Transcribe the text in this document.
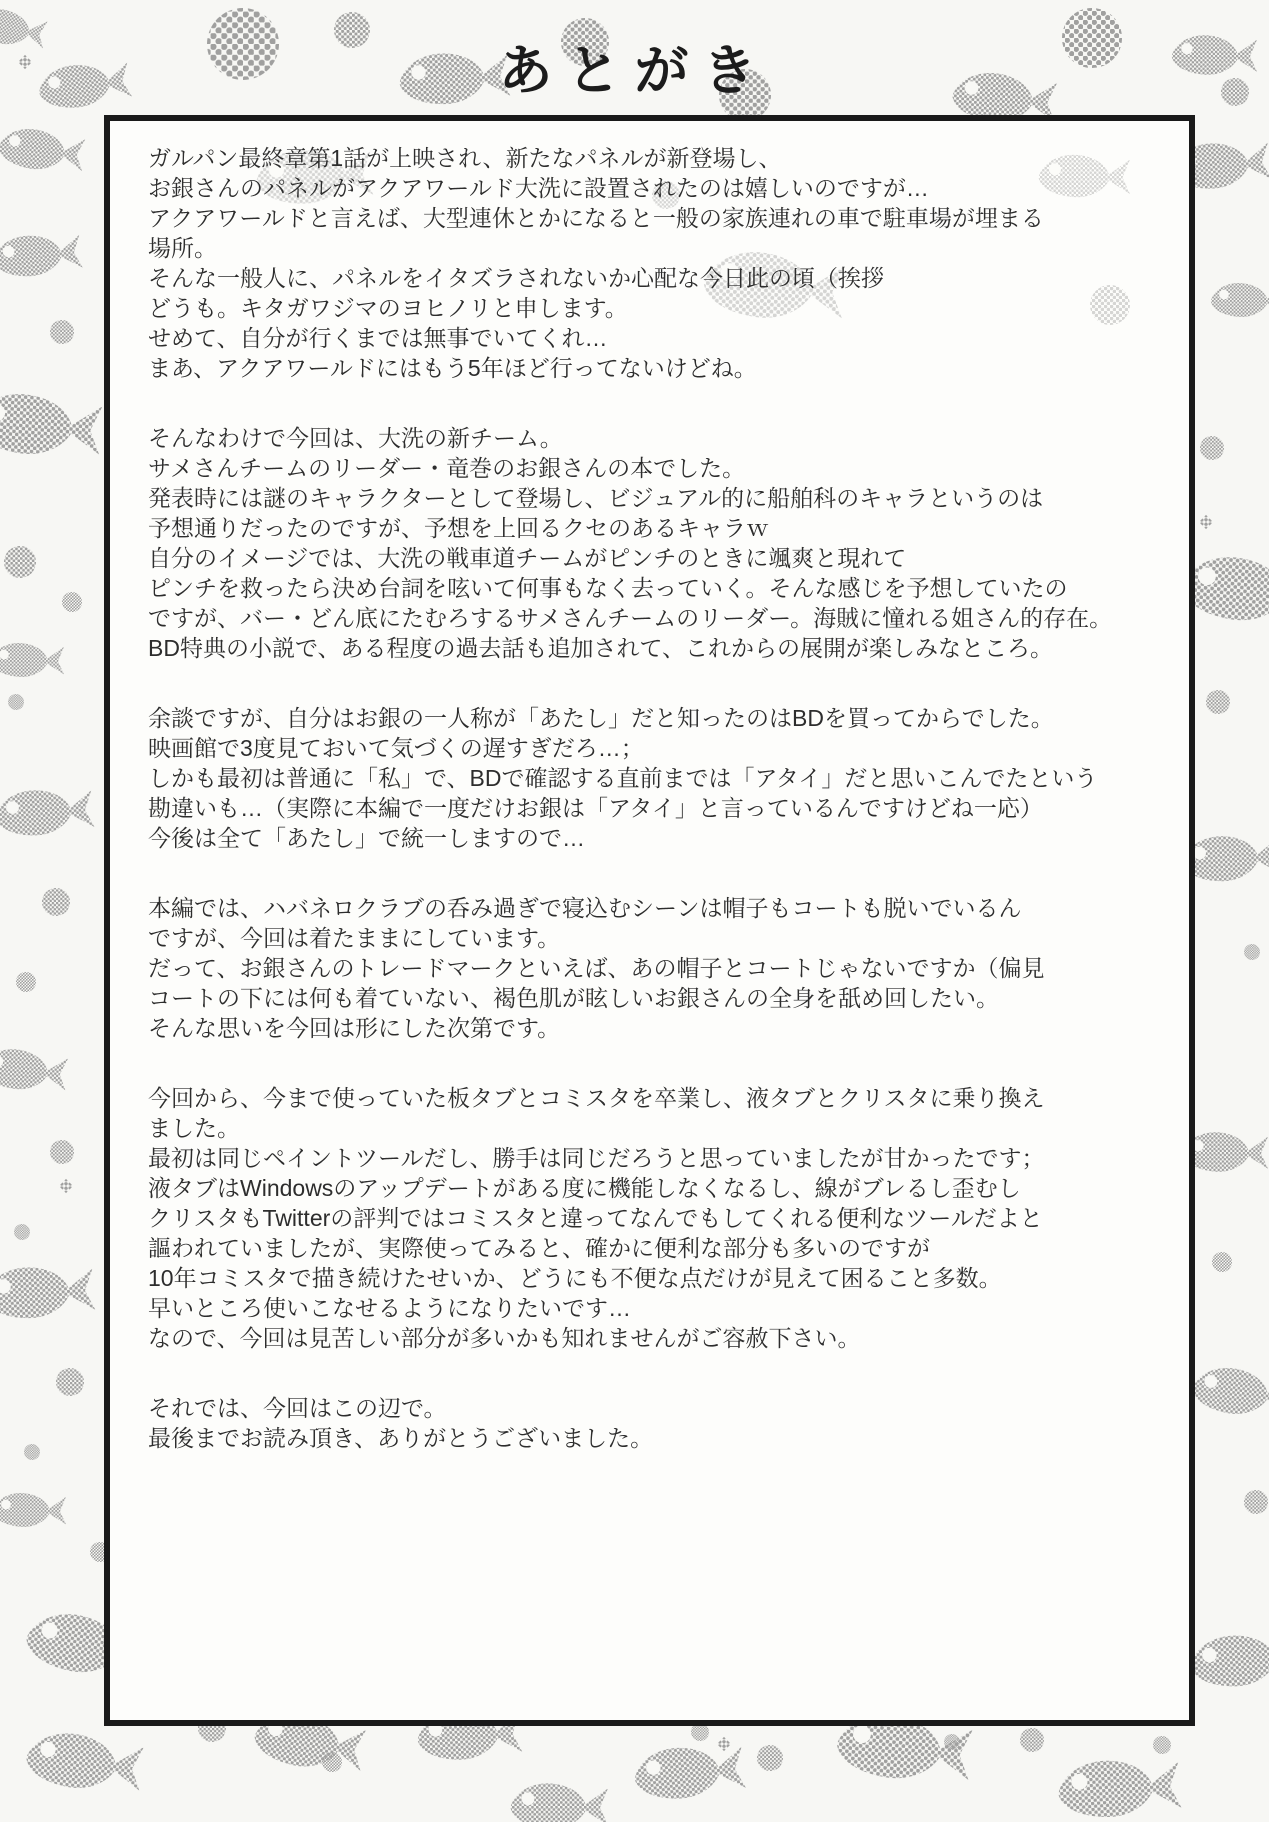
あとがき
ガルパン最終章第1話が上映され、新たなパネルが新登場し、
お銀さんのパネルがアクアワールド大洗に設置されたのは嬉しいのですが…
アクアワールドと言えば、大型連休とかになると一般の家族連れの車で駐車場が埋まる
場所。
そんな一般人に、パネルをイタズラされないか心配な今日此の頃（挨拶
どうも。キタガワジマのヨヒノリと申します。
せめて、自分が行くまでは無事でいてくれ…
まあ、アクアワールドにはもう5年ほど行ってないけどね。
そんなわけで今回は、大洗の新チーム。
サメさんチームのリーダー・竜巻のお銀さんの本でした。
発表時には謎のキャラクターとして登場し、ビジュアル的に船舶科のキャラというのは
予想通りだったのですが、予想を上回るクセのあるキャラｗ
自分のイメージでは、大洗の戦車道チームがピンチのときに颯爽と現れて
ピンチを救ったら決め台詞を呟いて何事もなく去っていく。そんな感じを予想していたの
ですが、バー・どん底にたむろするサメさんチームのリーダー。海賊に憧れる姐さん的存在。
BD特典の小説で、ある程度の過去話も追加されて、これからの展開が楽しみなところ。
余談ですが、自分はお銀の一人称が「あたし」だと知ったのはBDを買ってからでした。
映画館で3度見ておいて気づくの遅すぎだろ…；
しかも最初は普通に「私」で、BDで確認する直前までは「アタイ」だと思いこんでたという
勘違いも…（実際に本編で一度だけお銀は「アタイ」と言っているんですけどね一応）
今後は全て「あたし」で統一しますので…
本編では、ハバネロクラブの呑み過ぎで寝込むシーンは帽子もコートも脱いでいるん
ですが、今回は着たままにしています。
だって、お銀さんのトレードマークといえば、あの帽子とコートじゃないですか（偏見
コートの下には何も着ていない、褐色肌が眩しいお銀さんの全身を舐め回したい。
そんな思いを今回は形にした次第です。
今回から、今まで使っていた板タブとコミスタを卒業し、液タブとクリスタに乗り換え
ました。
最初は同じペイントツールだし、勝手は同じだろうと思っていましたが甘かったです；
液タブはWindowsのアップデートがある度に機能しなくなるし、線がブレるし歪むし
クリスタもTwitterの評判ではコミスタと違ってなんでもしてくれる便利なツールだよと
謳われていましたが、実際使ってみると、確かに便利な部分も多いのですが
10年コミスタで描き続けたせいか、どうにも不便な点だけが見えて困ること多数。
早いところ使いこなせるようになりたいです…
なので、今回は見苦しい部分が多いかも知れませんがご容赦下さい。
それでは、今回はこの辺で。
最後までお読み頂き、ありがとうございました。
